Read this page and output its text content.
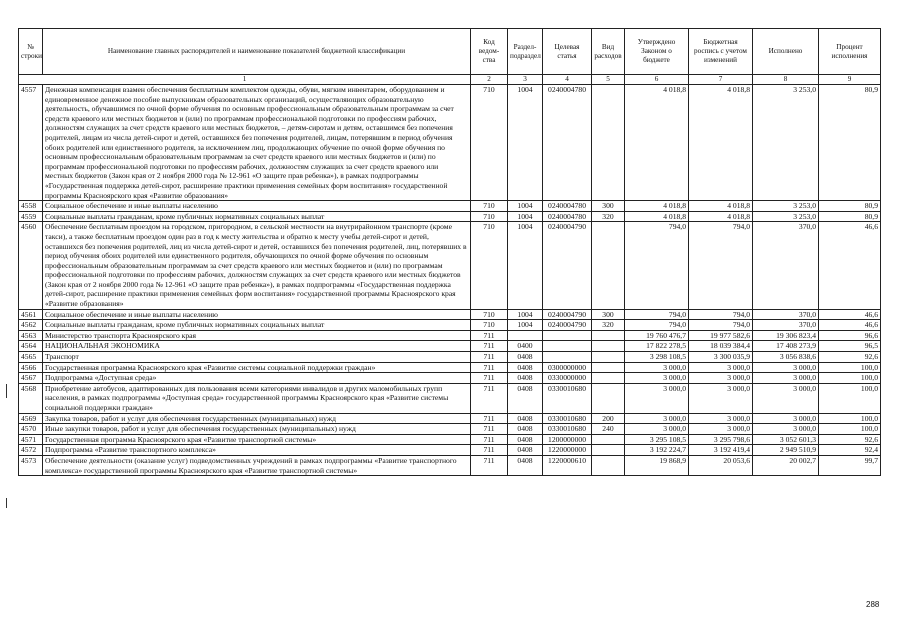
№ строки	Наименование главных распорядителей и наименование показателей бюджетной классификации	Код ведом-ства	Раздел-подраздел	Целевая статья	Вид расходов	Утверждено Законом о бюджете	Бюджетная роспись с учетом изменений	Исполнено	Процент исполнения
1		2	3	4	5	6	7	8	9
4557	Денежная компенсация взамен обеспечения бесплатным комплектом одежды, обуви, мягким инвентарем, оборудованием и единовременное денежное пособие выпускникам образовательных организаций, осуществляющих образовательную деятельность, обучавшимся по очной форме обучения по основным профессиональным образовательным программам за счет средств краевого или местных бюджетов и (или) по программам профессиональной подготовки по профессиям рабочих, должностям служащих за счет средств краевого или местных бюджетов, – детям-сиротам и детям, оставшимся без попечения родителей, лицам из числа детей-сирот и детей, оставшихся без попечения родителей, лицам, потерявшим в период обучения обоих родителей или единственного родителя, за исключением лиц, продолжающих обучение по очной форме обучения по основным профессиональным образовательным программам за счет средств краевого или местных бюджетов и (или) по программам профессиональной подготовки по профессиям рабочих, должностям служащих за счет средств краевого или местных бюджетов (Закон края от 2 ноября 2000 года № 12-961 «О защите прав ребенка»), в рамках подпрограммы «Государственная поддержка детей-сирот, расширение практики применения семейных форм воспитания» государственной программы Красноярского края «Развитие образования»	710	1004	0240004780		4 018,8	4 018,8	3 253,0	80,9
4558	Социальное обеспечение и иные выплаты населению	710	1004	0240004780	300	4 018,8	4 018,8	3 253,0	80,9
4559	Социальные выплаты гражданам, кроме публичных нормативных социальных выплат	710	1004	0240004780	320	4 018,8	4 018,8	3 253,0	80,9
4560	Обеспечение бесплатным проездом на городском, пригородном, в сельской местности на внутрирайонном транспорте (кроме такси), а также бесплатным проездом один раз в год к месту жительства и обратно к месту учебы детей-сирот и детей, оставшихся без попечения родителей, лиц из числа детей-сирот и детей, оставшихся без попечения родителей, лиц, потерявших в период обучения обоих родителей или единственного родителя, обучающихся по очной форме обучения по основным профессиональным образовательным программам за счет средств краевого или местных бюджетов и (или) по программам профессиональной подготовки по профессиям рабочих, должностям служащих за счет средств краевого или местных бюджетов (Закон края от 2 ноября 2000 года № 12-961 «О защите прав ребенка»), в рамках подпрограммы «Государственная поддержка детей-сирот, расширение практики применения семейных форм воспитания» государственной программы Красноярского края «Развитие образования»	710	1004	0240004790		794,0	794,0	370,0	46,6
4561	Социальное обеспечение и иные выплаты населению	710	1004	0240004790	300	794,0	794,0	370,0	46,6
4562	Социальные выплаты гражданам, кроме публичных нормативных социальных выплат	710	1004	0240004790	320	794,0	794,0	370,0	46,6
4563	Министерство транспорта Красноярского края	711				19 760 476,7	19 977 582,6	19 306 823,4	96,6
4564	НАЦИОНАЛЬНАЯ ЭКОНОМИКА	711	0400			17 822 278,5	18 039 384,4	17 408 273,9	96,5
4565	Транспорт	711	0408			3 298 108,5	3 300 035,9	3 056 838,6	92,6
4566	Государственная программа Красноярского края «Развитие системы социальной поддержки граждан»	711	0408	0300000000		3 000,0	3 000,0	3 000,0	100,0
4567	Подпрограмма «Доступная среда»	711	0408	0330000000		3 000,0	3 000,0	3 000,0	100,0
4568	Приобретение автобусов, адаптированных для пользования всеми категориями инвалидов и других маломобильных групп населения, в рамках подпрограммы «Доступная среда» государственной программы Красноярского края «Развитие системы социальной поддержки граждан»	711	0408	0330010680		3 000,0	3 000,0	3 000,0	100,0
4569	Закупка товаров, работ и услуг для обеспечения государственных (муниципальных) нужд	711	0408	0330010680	200	3 000,0	3 000,0	3 000,0	100,0
4570	Иные закупки товаров, работ и услуг для обеспечения государственных (муниципальных) нужд	711	0408	0330010680	240	3 000,0	3 000,0	3 000,0	100,0
4571	Государственная программа Красноярского края «Развитие транспортной системы»	711	0408	1200000000		3 295 108,5	3 295 798,6	3 052 601,3	92,6
4572	Подпрограмма «Развитие транспортного комплекса»	711	0408	1220000000		3 192 224,7	3 192 419,4	2 949 510,9	92,4
4573	Обеспечение деятельности (оказание услуг) подведомственных учреждений в рамках подпрограммы «Развитие транспортного комплекса» государственной программы Красноярского края «Развитие транспортной системы»	711	0408	1220000610		19 868,9	20 053,6	20 002,7	99,7
288
